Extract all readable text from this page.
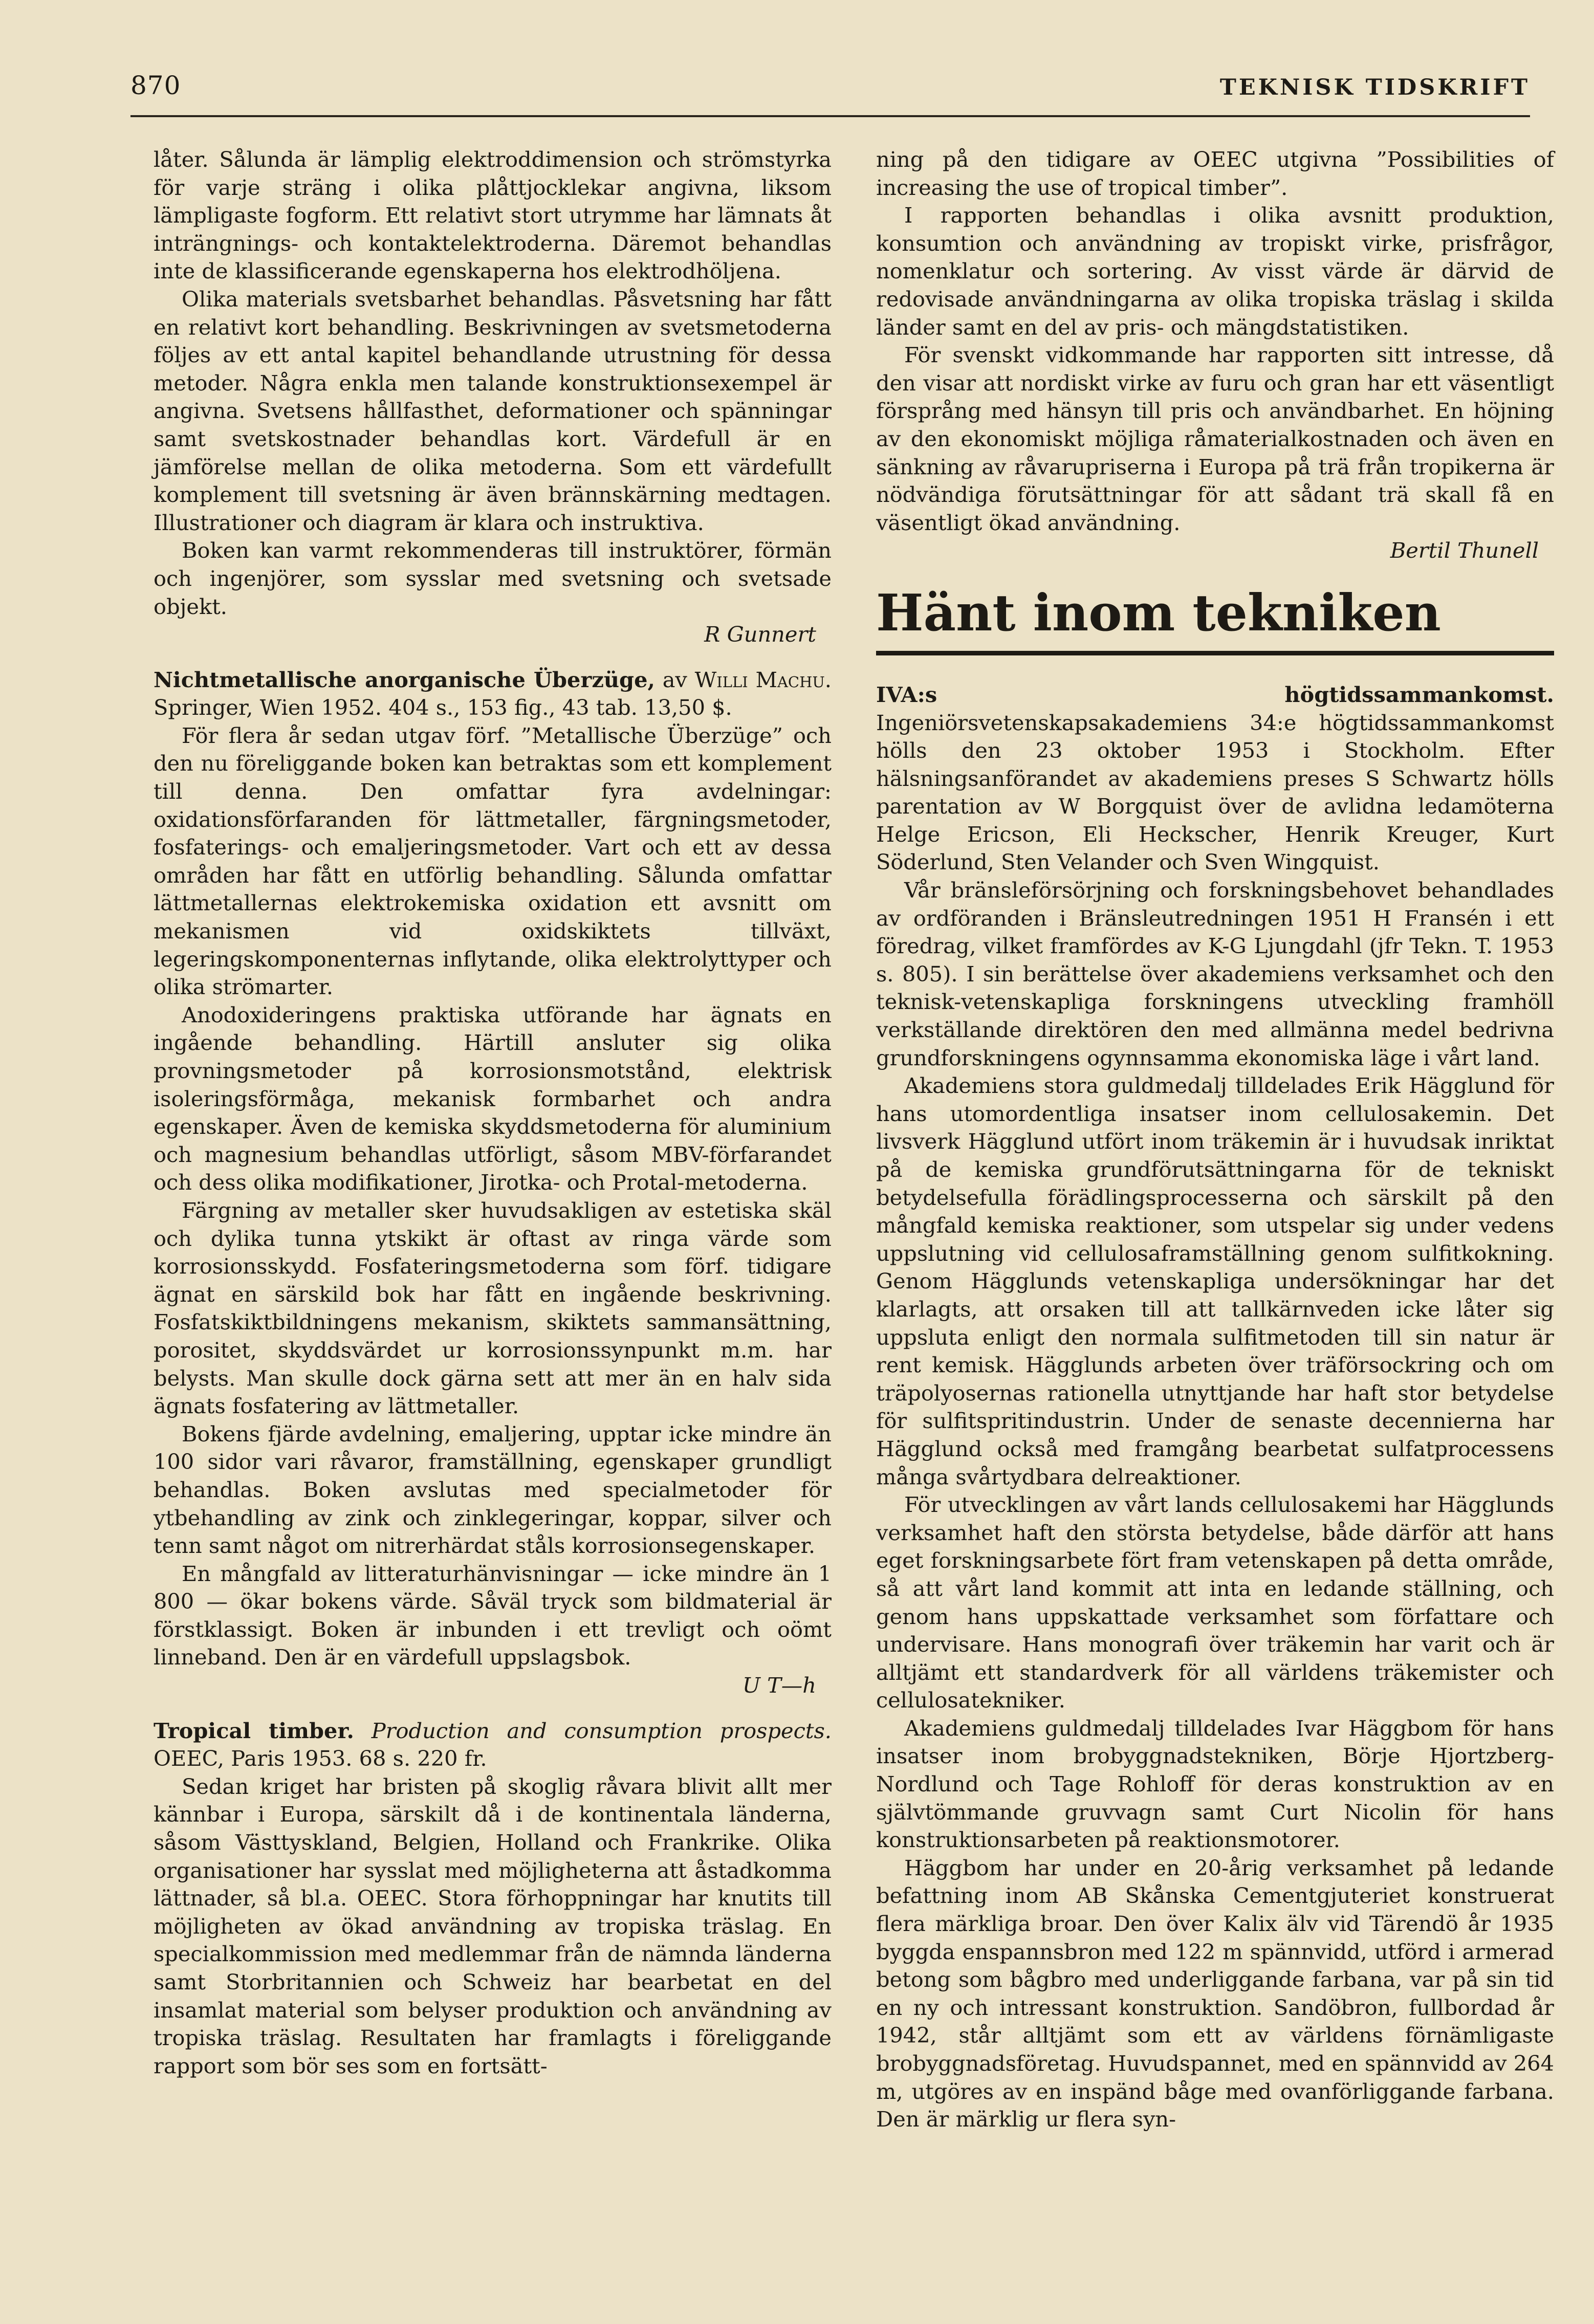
870	TEKNISK TIDSKRIFT

låter. Sålunda är lämplig elektroddimension och strömstyrka för varje sträng i olika plåttjocklekar angivna, liksom lämpligaste fogform. Ett relativt stort utrymme har lämnats åt inträngnings- och kontaktelektroderna. Däremot behandlas inte de klassificerande egenskaperna hos elektrodhöljena.

Olika materials svetsbarhet behandlas. Påsvetsning har fått en relativt kort behandling. Beskrivningen av svetsmetoderna följes av ett antal kapitel behandlande utrustning för dessa metoder. Några enkla men talande konstruktionsexempel är angivna. Svetsens hållfasthet, deformationer och spänningar samt svetskostnader behandlas kort. Värdefull är en jämförelse mellan de olika metoderna. Som ett värdefullt komplement till svetsning är även brännskärning medtagen. Illustrationer och diagram är klara och instruktiva.

Boken kan varmt rekommenderas till instruktörer, förmän och ingenjörer, som sysslar med svetsning och svetsade objekt.

R Gunnert

Nichtmetallische anorganische Überzüge, av Willi Machu. Springer, Wien 1952. 404 s., 153 fig., 43 tab. 13,50 $.

För flera år sedan utgav förf. ”Metallische Überzüge” och den nu föreliggande boken kan betraktas som ett komplement till denna. Den omfattar fyra avdelningar: oxidationsförfaranden för lättmetaller, färgningsmetoder, fosfaterings- och emaljeringsmetoder. Vart och ett av dessa områden har fått en utförlig behandling. Sålunda omfattar lättmetallernas elektrokemiska oxidation ett avsnitt om mekanismen vid oxidskiktets tillväxt, legeringskomponenternas inflytande, olika elektrolyttyper och olika strömarter.

Anodoxideringens praktiska utförande har ägnats en ingående behandling. Härtill ansluter sig olika provningsmetoder på korrosionsmotstånd, elektrisk isoleringsförmåga, mekanisk formbarhet och andra egenskaper. Även de kemiska skyddsmetoderna för aluminium och magnesium behandlas utförligt, såsom MBV-förfarandet och dess olika modifikationer, Jirotka- och Protal-metoderna.

Färgning av metaller sker huvudsakligen av estetiska skäl och dylika tunna ytskikt är oftast av ringa värde som korrosionsskydd. Fosfateringsmetoderna som förf. tidigare ägnat en särskild bok har fått en ingående beskrivning. Fosfatskiktbildningens mekanism, skiktets sammansättning, porositet, skyddsvärdet ur korrosionssynpunkt m.m. har belysts. Man skulle dock gärna sett att mer än en halv sida ägnats fosfatering av lättmetaller.

Bokens fjärde avdelning, emaljering, upptar icke mindre än 100 sidor vari råvaror, framställning, egenskaper grundligt behandlas. Boken avslutas med specialmetoder för ytbehandling av zink och zinklegeringar, koppar, silver och tenn samt något om nitrerhärdat ståls korrosionsegenskaper.

En mångfald av litteraturhänvisningar — icke mindre än 1 800 — ökar bokens värde. Såväl tryck som bildmaterial är förstklassigt. Boken är inbunden i ett trevligt och oömt linneband. Den är en värdefull uppslagsbok.

U T—h

Tropical timber. Production and consumption prospects. OEEC, Paris 1953. 68 s. 220 fr.

Sedan kriget har bristen på skoglig råvara blivit allt mer kännbar i Europa, särskilt då i de kontinentala länderna, såsom Västtyskland, Belgien, Holland och Frankrike. Olika organisationer har sysslat med möjligheterna att åstadkomma lättnader, så bl.a. OEEC. Stora förhoppningar har knutits till möjligheten av ökad användning av tropiska träslag. En specialkommission med medlemmar från de nämnda länderna samt Storbritannien och Schweiz har bearbetat en del insamlat material som belyser produktion och användning av tropiska träslag. Resultaten har framlagts i föreliggande rapport som bör ses som en fortsätt-

ning på den tidigare av OEEC utgivna ”Possibilities of increasing the use of tropical timber”.

I rapporten behandlas i olika avsnitt produktion, konsumtion och användning av tropiskt virke, prisfrågor, nomenklatur och sortering. Av visst värde är därvid de redovisade användningarna av olika tropiska träslag i skilda länder samt en del av pris- och mängdstatistiken.

För svenskt vidkommande har rapporten sitt intresse, då den visar att nordiskt virke av furu och gran har ett väsentligt försprång med hänsyn till pris och användbarhet. En höjning av den ekonomiskt möjliga råmaterialkostnaden och även en sänkning av råvarupriserna i Europa på trä från tropikerna är nödvändiga förutsättningar för att sådant trä skall få en väsentligt ökad användning.

Bertil Thunell

Hänt inom tekniken

IVA:s högtidssammankomst. Ingeniörsvetenskapsakademiens 34:e högtidssammankomst hölls den 23 oktober 1953 i Stockholm. Efter hälsningsanförandet av akademiens preses S Schwartz hölls parentation av W Borgquist över de avlidna ledamöterna Helge Ericson, Eli Heckscher, Henrik Kreuger, Kurt Söderlund, Sten Velander och Sven Wingquist.

Vår bränsleförsörjning och forskningsbehovet behandlades av ordföranden i Bränsleutredningen 1951 H Fransén i ett föredrag, vilket framfördes av K-G Ljungdahl (jfr Tekn. T. 1953 s. 805). I sin berättelse över akademiens verksamhet och den teknisk-vetenskapliga forskningens utveckling framhöll verkställande direktören den med allmänna medel bedrivna grundforskningens ogynnsamma ekonomiska läge i vårt land.

Akademiens stora guldmedalj tilldelades Erik Hägglund för hans utomordentliga insatser inom cellulosakemin. Det livsverk Hägglund utfört inom träkemin är i huvudsak inriktat på de kemiska grundförutsättningarna för de tekniskt betydelsefulla förädlingsprocesserna och särskilt på den mångfald kemiska reaktioner, som utspelar sig under vedens uppslutning vid cellulosaframställning genom sulfitkokning. Genom Hägglunds vetenskapliga undersökningar har det klarlagts, att orsaken till att tallkärnveden icke låter sig uppsluta enligt den normala sulfitmetoden till sin natur är rent kemisk. Hägglunds arbeten över träförsockring och om träpolyosernas rationella utnyttjande har haft stor betydelse för sulfitspritindustrin. Under de senaste decennierna har Hägglund också med framgång bearbetat sulfatprocessens många svårtydbara delreaktioner.

För utvecklingen av vårt lands cellulosakemi har Hägglunds verksamhet haft den största betydelse, både därför att hans eget forskningsarbete fört fram vetenskapen på detta område, så att vårt land kommit att inta en ledande ställning, och genom hans uppskattade verksamhet som författare och undervisare. Hans monografi över träkemin har varit och är alltjämt ett standardverk för all världens träkemister och cellulosatekniker.

Akademiens guldmedalj tilldelades Ivar Häggbom för hans insatser inom brobyggnadstekniken, Börje Hjortzberg-Nordlund och Tage Rohloff för deras konstruktion av en självtömmande gruvvagn samt Curt Nicolin för hans konstruktionsarbeten på reaktionsmotorer.

Häggbom har under en 20-årig verksamhet på ledande befattning inom AB Skånska Cementgjuteriet konstruerat flera märkliga broar. Den över Kalix älv vid Tärendö år 1935 byggda enspannsbron med 122 m spännvidd, utförd i armerad betong som bågbro med underliggande farbana, var på sin tid en ny och intressant konstruktion. Sandöbron, fullbordad år 1942, står alltjämt som ett av världens förnämligaste brobyggnadsföretag. Huvudspannet, med en spännvidd av 264 m, utgöres av en inspänd båge med ovanförliggande farbana. Den är märklig ur flera syn-
